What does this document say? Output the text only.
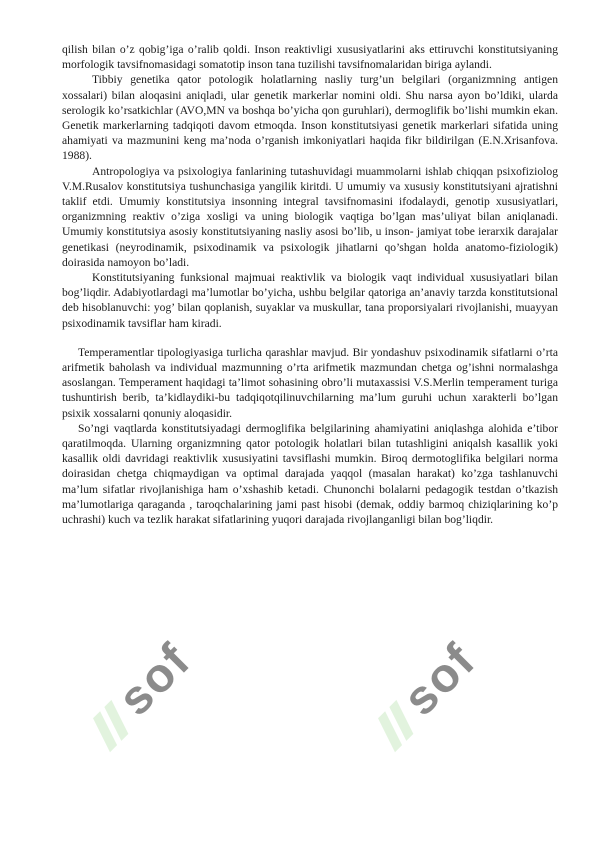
sof	sof

qilish bilan o’z qobig’iga o’ralib qoldi. Inson reaktivligi xususiyatlarini aks ettiruvchi konstitutsiyaning morfologik tavsifnomasidagi somatotip inson tana tuzilishi tavsifnomalaridan biriga aylandi.

Tibbiy genetika qator potologik holatlarning nasliy turg’un belgilari (organizmning antigen xossalari) bilan aloqasini aniqladi, ular genetik markerlar nomini oldi. Shu narsa ayon bo’ldiki, ularda serologik ko’rsatkichlar (AVO,MN va boshqa bo’yicha qon guruhlari), dermoglifik bo’lishi mumkin ekan. Genetik markerlarning tadqiqoti davom etmoqda. Inson konstitutsiyasi genetik markerlari sifatida uning ahamiyati va mazmunini keng ma’noda o’rganish imkoniyatlari haqida fikr bildirilgan (E.N.Xrisanfova. 1988).

Antropologiya va psixologiya fanlarining tutashuvidagi muammolarni ishlab chiqqan psixofiziolog V.M.Rusalov konstitutsiya tushunchasiga yangilik kiritdi. U umumiy va xususiy konstitutsiyani ajratishni taklif etdi. Umumiy konstitutsiya insonning integral tavsifnomasini ifodalaydi, genotip xususiyatlari, organizmning reaktiv o’ziga xosligi va uning biologik vaqtiga bo’lgan mas’uliyat bilan aniqlanadi. Umumiy konstitutsiya asosiy konstitutsiyaning nasliy asosi bo’lib, u inson- jamiyat tobe ierarxik darajalar genetikasi (neyrodinamik, psixodinamik va psixologik jihatlarni qo’shgan holda anatomo-fiziologik) doirasida namoyon bo’ladi.

Konstitutsiyaning funksional majmuai reaktivlik va biologik vaqt individual xususiyatlari bilan bog’liqdir. Adabiyotlardagi ma’lumotlar bo’yicha, ushbu belgilar qatoriga an’anaviy tarzda konstitutsional deb hisoblanuvchi: yog’ bilan qoplanish, suyaklar va muskullar, tana proporsiyalari rivojlanishi, muayyan psixodinamik tavsiflar ham kiradi.

Temperamentlar tipologiyasiga turlicha qarashlar mavjud. Bir yondashuv psixodinamik sifatlarni o’rta arifmetik baholash va individual mazmunning o’rta arifmetik mazmundan chetga og’ishni normalashga asoslangan. Temperament haqidagi ta’limot sohasining obro’li mutaxassisi V.S.Merlin temperament turiga tushuntirish berib, ta’kidlaydiki-bu tadqiqotqilinuvchilarning ma’lum guruhi uchun xarakterli bo’lgan psixik xossalarni qonuniy aloqasidir.

So’ngi vaqtlarda konstitutsiyadagi dermoglifika belgilarining ahamiyatini aniqlashga alohida e’tibor qaratilmoqda. Ularning organizmning qator potologik holatlari bilan tutashligini aniqalsh kasallik yoki kasallik oldi davridagi reaktivlik xususiyatini tavsiflashi mumkin. Biroq dermotoglifika belgilari norma doirasidan chetga chiqmaydigan va optimal darajada yaqqol (masalan harakat) ko’zga tashlanuvchi ma’lum sifatlar rivojlanishiga ham o’xshashib ketadi. Chunonchi bolalarni pedagogik testdan o’tkazish ma’lumotlariga qaraganda , taroqchalarining jami past hisobi (demak, oddiy barmoq chiziqlarining ko’p uchrashi) kuch va tezlik harakat sifatlarining yuqori darajada rivojlanganligi bilan bog’liqdir.
